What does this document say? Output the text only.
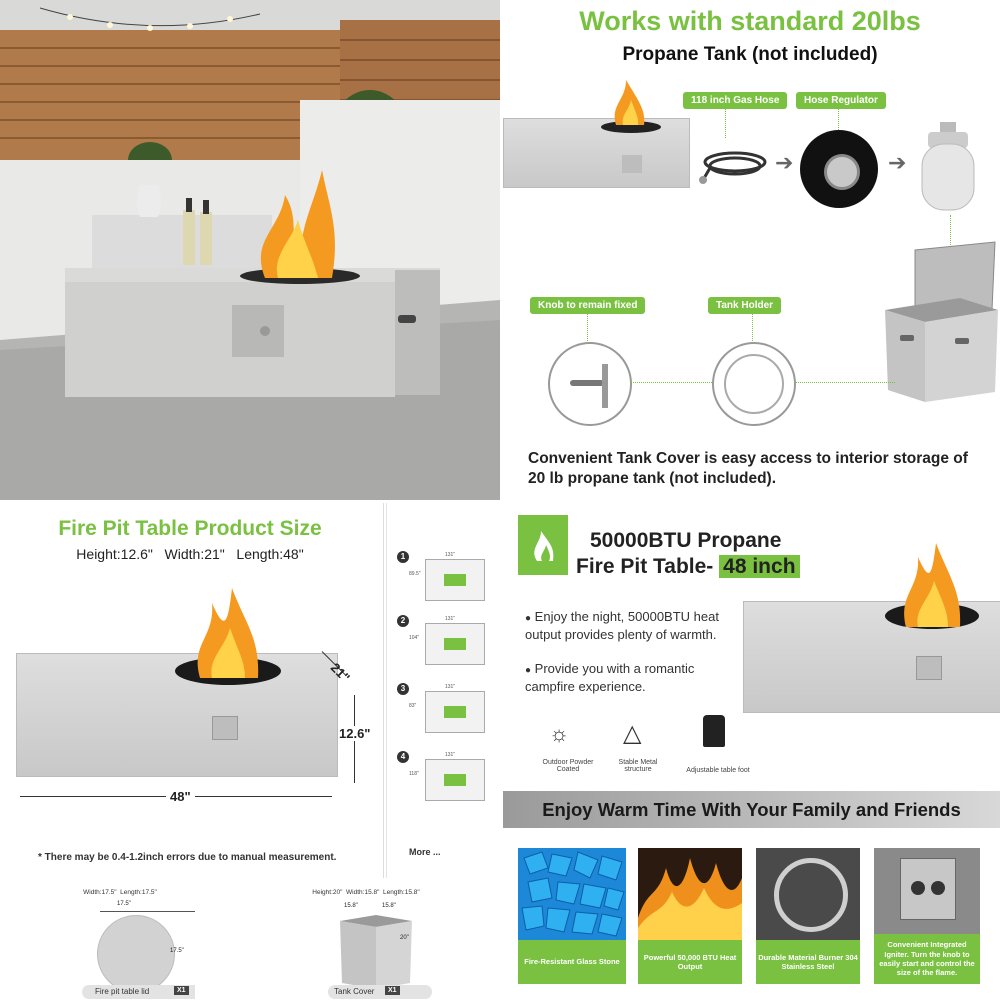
Works with standard 20lbs
Propane Tank (not included)
118 inch Gas Hose
➔
Hose Regulator
➔
Knob to remain fixed	Tank Holder
Convenient Tank Cover is easy access to interior storage of 20 lb propane tank (not included).
Fire Pit Table Product Size
Height:12.6"   Width:21"   Length:48"
21"
12.6"
48"
* There may be 0.4-1.2inch errors due to manual measurement.
1	131"
89.5"
2	131"
104"
3	131"
83"
4	131"
118"
More ...
Width:17.5"  Length:17.5"
17.5"
17.5"
Fire pit table lid	X1
Height:20"  Width:15.8"  Length:15.8"
15.8"	15.8"
20"
Tank Cover	X1
50000BTU Propane
Fire Pit Table- 48 inch
● Enjoy the night, 50000BTU heat output provides plenty of warmth.
● Provide you with a romantic campfire experience.
☼
Outdoor Powder Coated
△
Stable Metal structure	Adjustable table foot
Enjoy Warm Time With Your Family and Friends
Fire-Resistant Glass Stone
Powerful 50,000 BTU Heat Output
Durable Material Burner 304 Stainless Steel
Convenient Integrated Igniter. Turn the knob to easily start and control the size of the flame.
